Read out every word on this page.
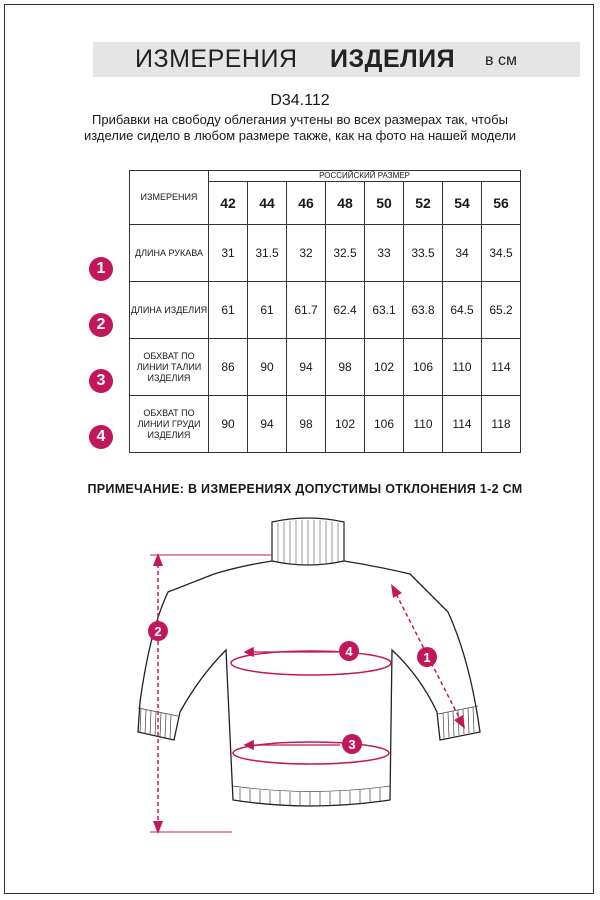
ИЗМЕРЕНИЯ ИЗДЕЛИЯ в см
D34.112
Прибавки на свободу облегания учтены во всех размерах так, чтобы изделие сидело в любом размере также, как на фото на нашей модели
ИЗМЕРЕНИЯ	РОССИЙСКИЙ РАЗМЕР							
	42	44	46	48	50	52	54	56
ДЛИНА РУКАВА	31	31.5	32	32.5	33	33.5	34	34.5
ДЛИНА ИЗДЕЛИЯ	61	61	61.7	62.4	63.1	63.8	64.5	65.2
ОБХВАТ ПО ЛИНИИ ТАЛИИ ИЗДЕЛИЯ	86	90	94	98	102	106	110	114
ОБХВАТ ПО ЛИНИИ ГРУДИ ИЗДЕЛИЯ	90	94	98	102	106	110	114	118
1
2
3
4
ПРИМЕЧАНИЕ: В ИЗМЕРЕНИЯХ ДОПУСТИМЫ ОТКЛОНЕНИЯ 1-2 СМ
1
2
3
4
